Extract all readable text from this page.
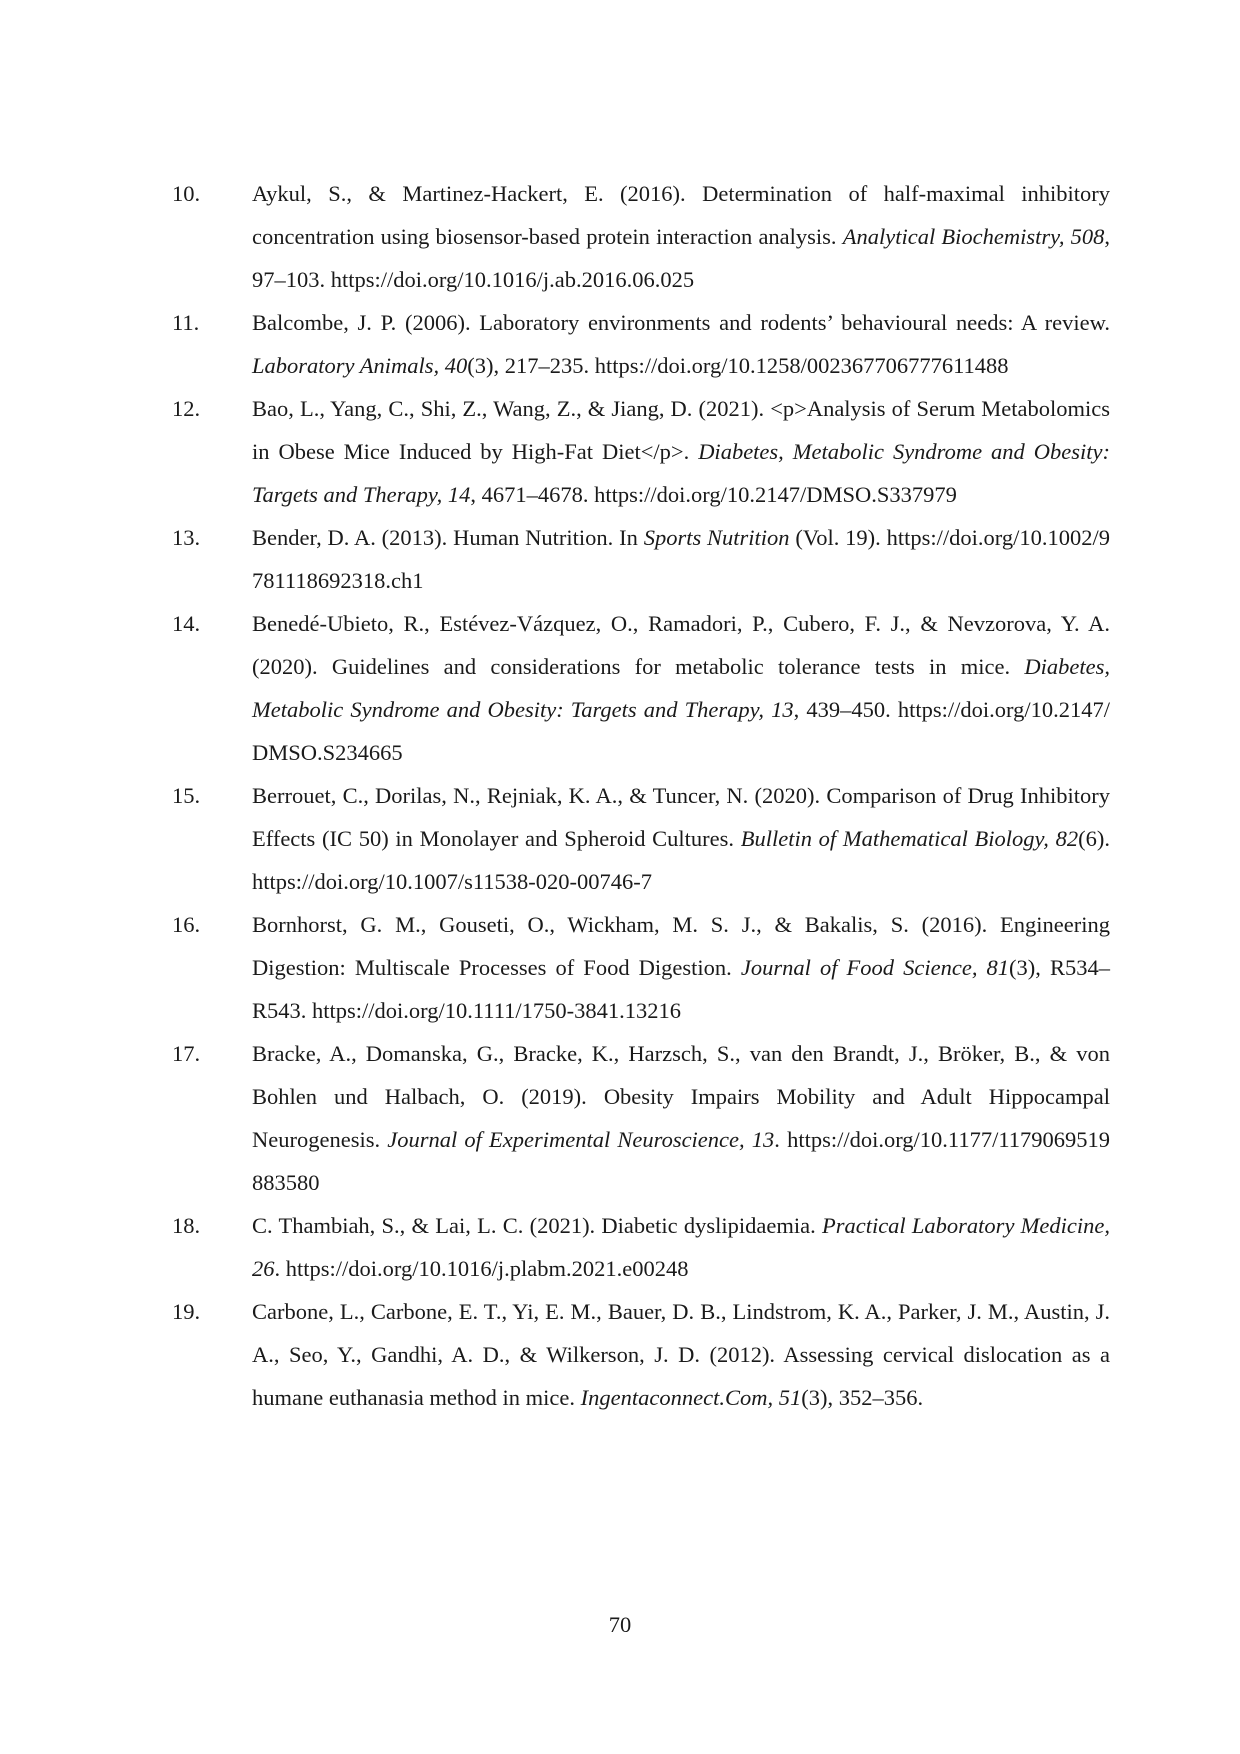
10.	Aykul, S., & Martinez-Hackert, E. (2016). Determination of half-maximal inhibitory concentration using biosensor-based protein interaction analysis. Analytical Biochemistry, 508, 97–103. https://doi.org/10.1016/j.ab.2016.06.025
11.	Balcombe, J. P. (2006). Laboratory environments and rodents’ behavioural needs: A review. Laboratory Animals, 40(3), 217–235. https://doi.org/10.1258/002367706777611488
12.	Bao, L., Yang, C., Shi, Z., Wang, Z., & Jiang, D. (2021). <p>Analysis of Serum Metabolomics in Obese Mice Induced by High-Fat Diet</p>. Diabetes, Metabolic Syndrome and Obesity: Targets and Therapy, 14, 4671–4678. https://doi.org/10.2147/DMSO.S337979
13.	Bender, D. A. (2013). Human Nutrition. In Sports Nutrition (Vol. 19). https://doi.org/10.1002/9781118692318.ch1
14.	Benedé-Ubieto, R., Estévez-Vázquez, O., Ramadori, P., Cubero, F. J., & Nevzorova, Y. A. (2020). Guidelines and considerations for metabolic tolerance tests in mice. Diabetes, Metabolic Syndrome and Obesity: Targets and Therapy, 13, 439–450. https://doi.org/10.2147/DMSO.S234665
15.	Berrouet, C., Dorilas, N., Rejniak, K. A., & Tuncer, N. (2020). Comparison of Drug Inhibitory Effects (IC 50) in Monolayer and Spheroid Cultures. Bulletin of Mathematical Biology, 82(6). https://doi.org/10.1007/s11538-020-00746-7
16.	Bornhorst, G. M., Gouseti, O., Wickham, M. S. J., & Bakalis, S. (2016). Engineering Digestion: Multiscale Processes of Food Digestion. Journal of Food Science, 81(3), R534–R543. https://doi.org/10.1111/1750-3841.13216
17.	Bracke, A., Domanska, G., Bracke, K., Harzsch, S., van den Brandt, J., Bröker, B., & von Bohlen und Halbach, O. (2019). Obesity Impairs Mobility and Adult Hippocampal Neurogenesis. Journal of Experimental Neuroscience, 13. https://doi.org/10.1177/1179069519883580
18.	C. Thambiah, S., & Lai, L. C. (2021). Diabetic dyslipidaemia. Practical Laboratory Medicine, 26. https://doi.org/10.1016/j.plabm.2021.e00248
19.	Carbone, L., Carbone, E. T., Yi, E. M., Bauer, D. B., Lindstrom, K. A., Parker, J. M., Austin, J. A., Seo, Y., Gandhi, A. D., & Wilkerson, J. D. (2012). Assessing cervical dislocation as a humane euthanasia method in mice. Ingentaconnect.Com, 51(3), 352–356.
70
